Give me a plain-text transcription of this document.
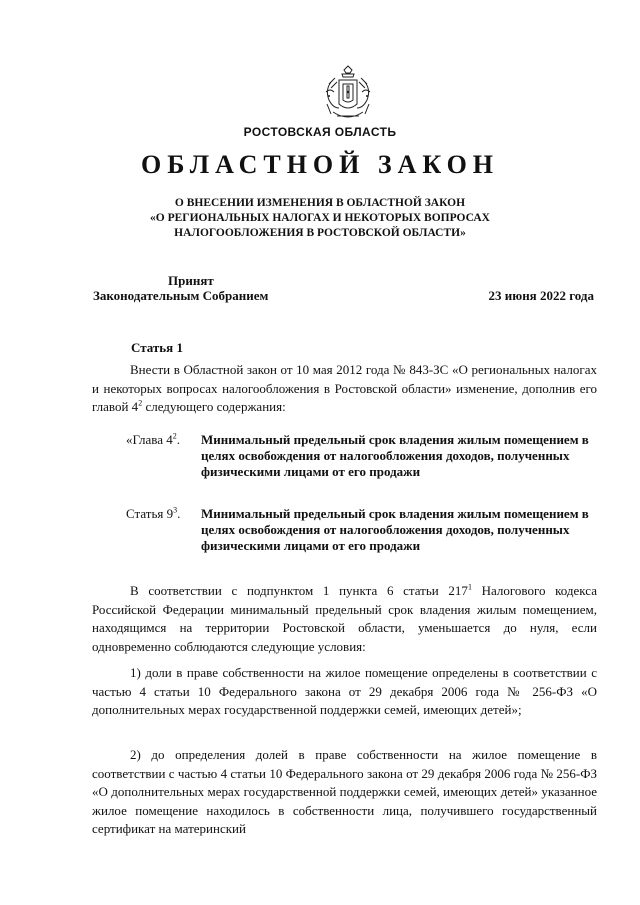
РОСТОВСКАЯ ОБЛАСТЬ
ОБЛАСТНОЙ ЗАКОН
О ВНЕСЕНИИ ИЗМЕНЕНИЯ В ОБЛАСТНОЙ ЗАКОН
«О РЕГИОНАЛЬНЫХ НАЛОГАХ И НЕКОТОРЫХ ВОПРОСАХ
НАЛОГООБЛОЖЕНИЯ В РОСТОВСКОЙ ОБЛАСТИ»
Принят
Законодательным Собранием	23 июня 2022 года
Статья 1
Внести в Областной закон от 10 мая 2012 года № 843-ЗС «О региональных налогах и некоторых вопросах налогообложения в Ростовской области» изменение, дополнив его главой $4^2$ следующего содержания:
«Глава $4^2$. Минимальный предельный срок владения жилым помещением в целях освобождения от налогообложения доходов, полученных физическими лицами от его продажи
Статья $9^3$. Минимальный предельный срок владения жилым помещением в целях освобождения от налогообложения доходов, полученных физическими лицами от его продажи
В соответствии с подпунктом 1 пункта 6 статьи $217^1$ Налогового кодекса Российской Федерации минимальный предельный срок владения жилым помещением, находящимся на территории Ростовской области, уменьшается до нуля, если одновременно соблюдаются следующие условия:
1) доли в праве собственности на жилое помещение определены в соответствии с частью 4 статьи 10 Федерального закона от 29 декабря 2006 года № 256-ФЗ «О дополнительных мерах государственной поддержки семей, имеющих детей»;
2) до определения долей в праве собственности на жилое помещение в соответствии с частью 4 статьи 10 Федерального закона от 29 декабря 2006 года № 256-ФЗ «О дополнительных мерах государственной поддержки семей, имеющих детей» указанное жилое помещение находилось в собственности лица, получившего государственный сертификат на материнский
